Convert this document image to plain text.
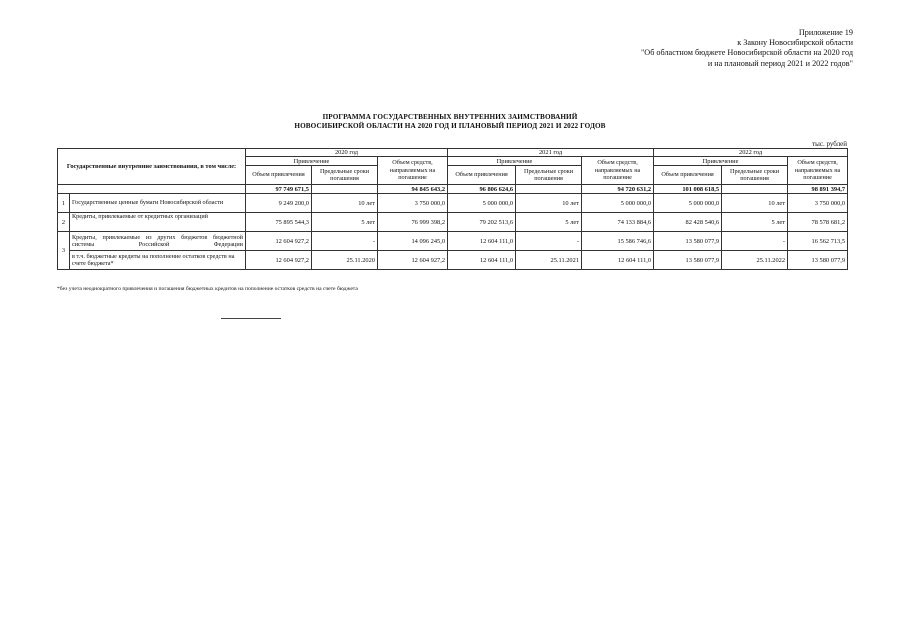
Приложение 19
к Закону Новосибирской области
"Об областном бюджете Новосибирской области на 2020 год
и на плановый период 2021 и 2022 годов"
ПРОГРАММА ГОСУДАРСТВЕННЫХ ВНУТРЕННИХ ЗАИМСТВОВАНИЙ
НОВОСИБИРСКОЙ ОБЛАСТИ НА 2020 ГОД И ПЛАНОВЫЙ ПЕРИОД 2021 И 2022 ГОДОВ
тыс. рублей
Государственные внутренние заимствования, в том числе:		2020 год			2021 год			2022 год		
		Привлечение		Объем средств, направляемых на погашение	Привлечение		Объем средств, направляемых на погашение	Привлечение		Объем средств, направляемых на погашение
		Объем привлечения	Предельные сроки погашения		Объем привлечения	Предельные сроки погашения		Объем привлечения	Предельные сроки погашения	
		97 749 671,5		94 845 643,2	96 806 624,6		94 720 631,2	101 008 618,5		98 891 394,7
1	Государственные ценные бумаги Новосибирской области	9 249 200,0	10 лет	3 750 000,0	5 000 000,0	10 лет	5 000 000,0	5 000 000,0	10 лет	3 750 000,0
2	Кредиты, привлекаемые от кредитных организаций	75 895 544,3	5 лет	76 999 398,2	79 202 513,6	5 лет	74 133 884,6	82 428 540,6	5 лет	78 578 681,2
3	Кредиты, привлекаемые из других бюджетов бюджетной системы Российской Федерации	12 604 927,2	-	14 096 245,0	12 604 111,0	-	15 586 746,6	13 580 077,9	-	16 562 713,5
	в т.ч. бюджетные кредиты на пополнение остатков средств на счете бюджета*	12 604 927,2	25.11.2020	12 604 927,2	12 604 111,0	25.11.2021	12 604 111,0	13 580 077,9	25.11.2022	13 580 077,9
*без учета неоднократного привлечения и погашения бюджетных кредитов на пополнение остатков средств на счете бюджета
